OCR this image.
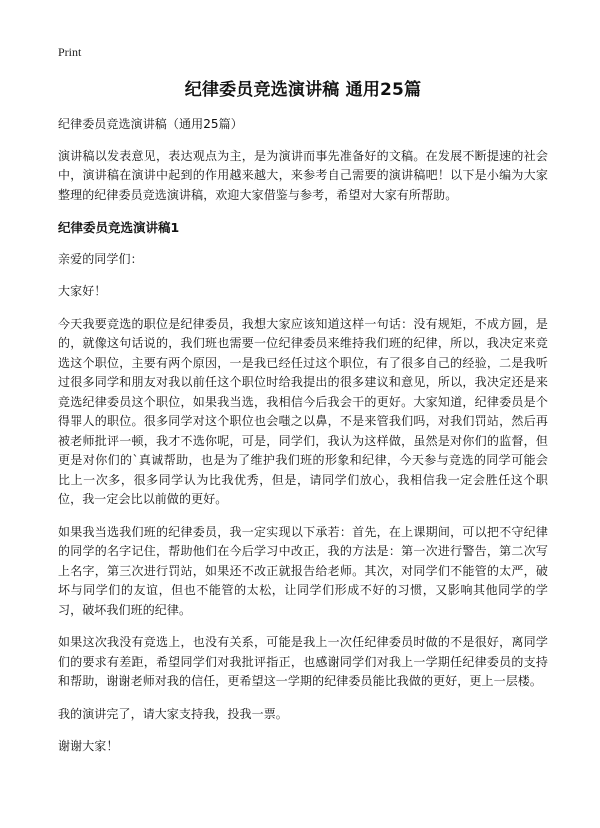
Print
纪律委员竞选演讲稿 通用25篇

纪律委员竞选演讲稿（通用25篇）

演讲稿以发表意见，表达观点为主，是为演讲而事先准备好的文稿。在发展不断提速的社会中，演讲稿在演讲中起到的作用越来越大，来参考自己需要的演讲稿吧！以下是小编为大家整理的纪律委员竞选演讲稿，欢迎大家借鉴与参考，希望对大家有所帮助。

纪律委员竞选演讲稿1

亲爱的同学们：

大家好！

今天我要竞选的职位是纪律委员，我想大家应该知道这样一句话：没有规矩，不成方圆，是的，就像这句话说的，我们班也需要一位纪律委员来维持我们班的纪律，所以，我决定来竞选这个职位，主要有两个原因，一是我已经任过这个职位，有了很多自己的经验，二是我听过很多同学和朋友对我以前任这个职位时给我提出的很多建议和意见，所以，我决定还是来竞选纪律委员这个职位，如果我当选，我相信今后我会干的更好。大家知道，纪律委员是个得罪人的职位。很多同学对这个职位也会嗤之以鼻，不是来管我们吗，对我们罚站，然后再被老师批评一顿，我才不选你呢，可是，同学们，我认为这样做，虽然是对你们的监督，但更是对你们的`真诚帮助，也是为了维护我们班的形象和纪律，今天参与竞选的同学可能会比上一次多，很多同学认为比我优秀，但是，请同学们放心，我相信我一定会胜任这个职位，我一定会比以前做的更好。

如果我当选我们班的纪律委员，我一定实现以下承若：首先，在上课期间，可以把不守纪律的同学的名字记住，帮助他们在今后学习中改正，我的方法是：第一次进行警告，第二次写上名字，第三次进行罚站，如果还不改正就报告给老师。其次，对同学们不能管的太严，破坏与同学们的友谊，但也不能管的太松，让同学们形成不好的习惯，又影响其他同学的学习，破坏我们班的纪律。

如果这次我没有竞选上，也没有关系，可能是我上一次任纪律委员时做的不是很好，离同学们的要求有差距，希望同学们对我批评指正，也感谢同学们对我上一学期任纪律委员的支持和帮助，谢谢老师对我的信任，更希望这一学期的纪律委员能比我做的更好，更上一层楼。

我的演讲完了，请大家支持我，投我一票。

谢谢大家！
